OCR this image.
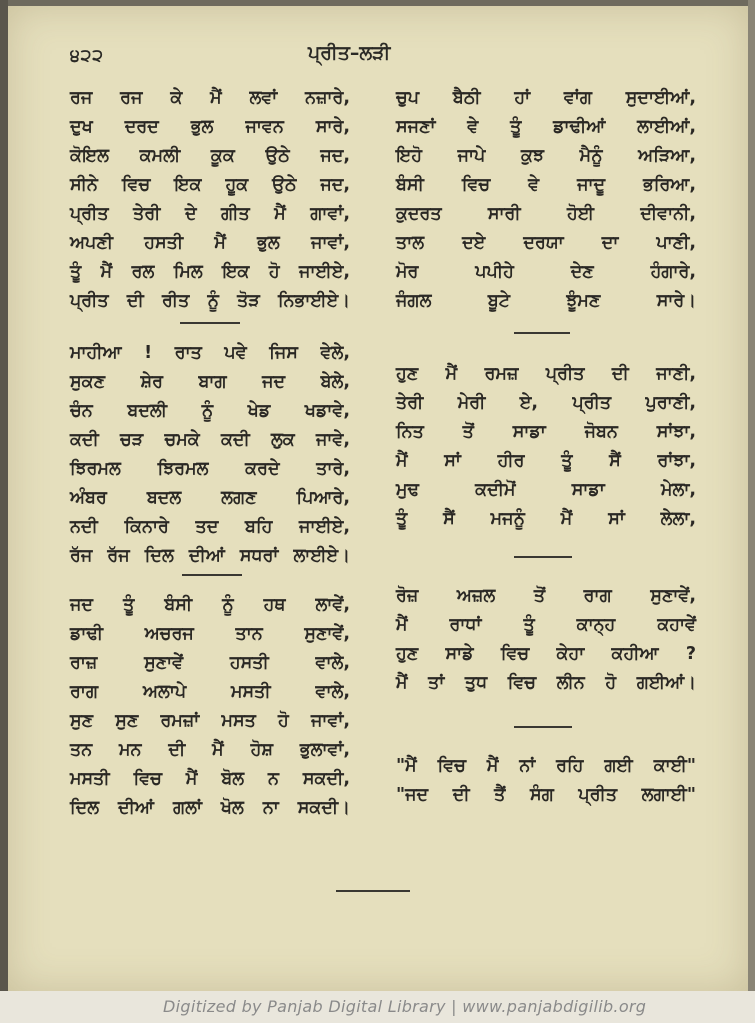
੪੨੨	ਪ੍ਰੀਤ–ਲੜੀ
ਰਜ ਰਜ ਕੇ ਮੈਂ ਲਵਾਂ ਨਜ਼ਾਰੇ,
ਦੁਖ ਦਰਦ ਭੁਲ ਜਾਵਨ ਸਾਰੇ,
ਕੋਇਲ ਕਮਲੀ ਕੂਕ ਉਠੇ ਜਦ,
ਸੀਨੇ ਵਿਚ ਇਕ ਹੂਕ ਉਠੇ ਜਦ,
ਪ੍ਰੀਤ ਤੇਰੀ ਦੇ ਗੀਤ ਮੈਂ ਗਾਵਾਂ,
ਅਪਣੀ ਹਸਤੀ ਮੈਂ ਭੁਲ ਜਾਵਾਂ,
ਤੂੰ ਮੈਂ ਰਲ ਮਿਲ ਇਕ ਹੋ ਜਾਈਏ,
ਪ੍ਰੀਤ ਦੀ ਰੀਤ ਨੂੰ ਤੋੜ ਨਿਭਾਈਏ।
ਮਾਹੀਆ ! ਰਾਤ ਪਵੇ ਜਿਸ ਵੇਲੇ,
ਸੁਕਣ ਸ਼ੇਰ ਬਾਗ ਜਦ ਬੇਲੇ,
ਚੰਨ ਬਦਲੀ ਨੂੰ ਖੇਡ ਖਡਾਵੇ,
ਕਦੀ ਚੜ ਚਮਕੇ ਕਦੀ ਲੁਕ ਜਾਵੇ,
ਝਿਰਮਲ ਝਿਰਮਲ ਕਰਦੇ ਤਾਰੇ,
ਅੰਬਰ ਬਦਲ ਲਗਣ ਪਿਆਰੇ,
ਨਦੀ ਕਿਨਾਰੇ ਤਦ ਬਹਿ ਜਾਈਏ,
ਰੱਜ ਰੱਜ ਦਿਲ ਦੀਆਂ ਸਧਰਾਂ ਲਾਈਏ।
ਜਦ ਤੂੰ ਬੰਸੀ ਨੂੰ ਹਥ ਲਾਵੇਂ,
ਡਾਢੀ ਅਚਰਜ ਤਾਨ ਸੁਣਾਵੇਂ,
ਰਾਜ਼ ਸੁਣਾਵੇਂ ਹਸਤੀ ਵਾਲੇ,
ਰਾਗ ਅਲਾਪੇ ਮਸਤੀ ਵਾਲੇ,
ਸੁਣ ਸੁਣ ਰਮਜ਼ਾਂ ਮਸਤ ਹੋ ਜਾਵਾਂ,
ਤਨ ਮਨ ਦੀ ਮੈਂ ਹੋਸ਼ ਭੁਲਾਵਾਂ,
ਮਸਤੀ ਵਿਚ ਮੈਂ ਬੋਲ ਨ ਸਕਦੀ,
ਦਿਲ ਦੀਆਂ ਗਲਾਂ ਖੋਲ ਨਾ ਸਕਦੀ।
ਚੁਪ ਬੈਠੀ ਹਾਂ ਵਾਂਗ ਸੁਦਾਈਆਂ,
ਸਜਣਾਂ ਵੇ ਤੂੰ ਡਾਢੀਆਂ ਲਾਈਆਂ,
ਇਹੋ ਜਾਪੇ ਕੁਝ ਮੈਨੂੰ ਅੜਿਆ,
ਬੰਸੀ ਵਿਚ ਵੇ ਜਾਦੂ ਭਰਿਆ,
ਕੁਦਰਤ ਸਾਰੀ ਹੋਈ ਦੀਵਾਨੀ,
ਤਾਲ ਦਏ ਦਰਯਾ ਦਾ ਪਾਣੀ,
ਮੋਰ ਪਪੀਹੇ ਦੇਣ ਹੰਗਾਰੇ,
ਜੰਗਲ ਬੂਟੇ ਝੂੰਮਣ ਸਾਰੇ।
ਹੁਣ ਮੈਂ ਰਮਜ਼ ਪ੍ਰੀਤ ਦੀ ਜਾਣੀ,
ਤੇਰੀ ਮੇਰੀ ਏ, ਪ੍ਰੀਤ ਪੁਰਾਣੀ,
ਨਿਤ ਤੋਂ ਸਾਡਾ ਜੋਬਨ ਸਾਂਝਾ,
ਮੈਂ ਸਾਂ ਹੀਰ ਤੂੰ ਸੈਂ ਰਾਂਝਾ,
ਮੁਢ ਕਦੀਮੋਂ ਸਾਡਾ ਮੇਲਾ,
ਤੂੰ ਸੈਂ ਮਜਨੂੰ ਮੈਂ ਸਾਂ ਲੇਲਾ,
ਰੋਜ਼ ਅਜ਼ਲ ਤੋਂ ਰਾਗ ਸੁਣਾਵੇਂ,
ਮੈਂ ਰਾਧਾਂ ਤੂੰ ਕਾਨ੍ਹ ਕਹਾਵੇਂ
ਹੁਣ ਸਾਡੇ ਵਿਚ ਕੇਹਾ ਕਹੀਆ ?
ਮੈਂ ਤਾਂ ਤੁਧ ਵਿਚ ਲੀਨ ਹੋ ਗਈਆਂ।
"ਮੈਂ ਵਿਚ ਮੈਂ ਨਾਂ ਰਹਿ ਗਈ ਕਾਈ"
"ਜਦ ਦੀ ਤੈਂ ਸੰਗ ਪ੍ਰੀਤ ਲਗਾਈ"
Digitized by Panjab Digital Library | www.panjabdigilib.org
